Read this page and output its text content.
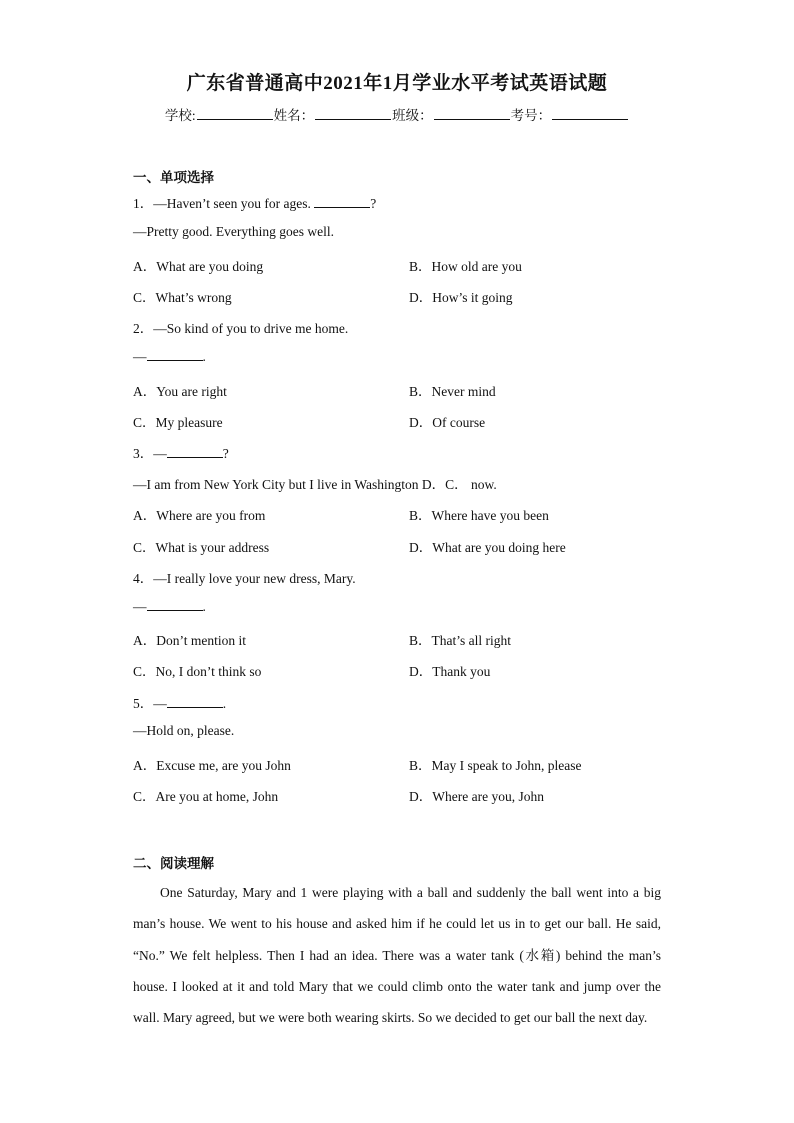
广东省普通高中2021年1月学业水平考试英语试题
学校:	姓名：	班级：	考号：
一、单项选择
1．—Haven’t seen you for ages.	?
—Pretty good. Everything goes well.
A．What are you doing	B．How old are you
C．What’s wrong	D．How’s it going
2．—So kind of you to drive me home.
—	.
A．You are right	B．Never mind
C．My pleasure	D．Of course
3．—	?
—I am from New York City but I live in Washington D．C． now.
A．Where are you from	B．Where have you been
C．What is your address	D．What are you doing here
4．—I really love your new dress, Mary.
—	.
A．Don’t mention it	B．That’s all right
C．No, I don’t think so	D．Thank you
5．—	.
—Hold on, please.
A．Excuse me, are you John	B．May I speak to John, please
C．Are you at home, John	D．Where are you, John
二、阅读理解
One Saturday, Mary and 1 were playing with a ball and suddenly the ball went into a big man’s house. We went to his house and asked him if he could let us in to get our ball. He said, “No.” We felt helpless. Then I had an idea. There was a water tank (水箱) behind the man’s house. I looked at it and told Mary that we could climb onto the water tank and jump over the wall. Mary agreed, but we were both wearing skirts. So we decided to get our ball the next day.
